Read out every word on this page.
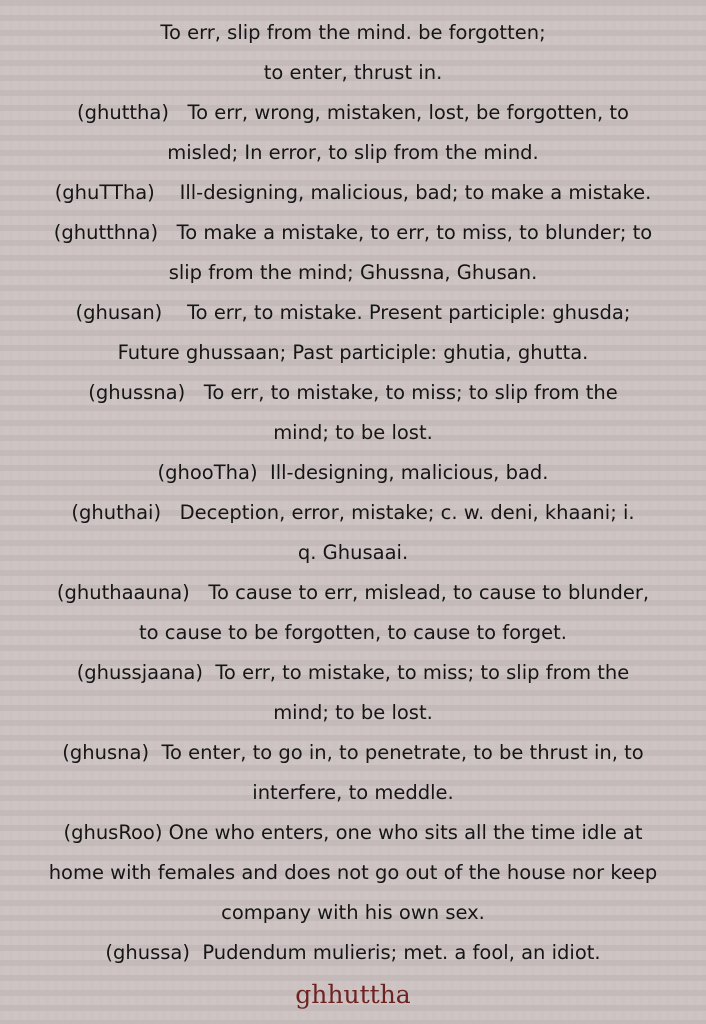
To err, slip from the mind. be forgotten;
to enter, thrust in.
(ghuttha)   To err, wrong, mistaken, lost, be forgotten, to
misled; In error, to slip from the mind.
(ghuTTha)    Ill-designing, malicious, bad; to make a mistake.
(ghutthna)   To make a mistake, to err, to miss, to blunder; to
slip from the mind; Ghussna, Ghusan.
(ghusan)    To err, to mistake. Present participle: ghusda;
Future ghussaan; Past participle: ghutia, ghutta.
(ghussna)   To err, to mistake, to miss; to slip from the
mind; to be lost.
(ghooTha)  Ill-designing, malicious, bad.
(ghuthai)   Deception, error, mistake; c. w. deni, khaani; i.
q. Ghusaai.
(ghuthaauna)   To cause to err, mislead, to cause to blunder,
to cause to be forgotten, to cause to forget.
(ghussjaana)  To err, to mistake, to miss; to slip from the
mind; to be lost.
(ghusna)  To enter, to go in, to penetrate, to be thrust in, to
interfere, to meddle.
(ghusRoo) One who enters, one who sits all the time idle at
home with females and does not go out of the house nor keep
company with his own sex.
(ghussa)  Pudendum mulieris; met. a fool, an idiot.
ghhuttha
